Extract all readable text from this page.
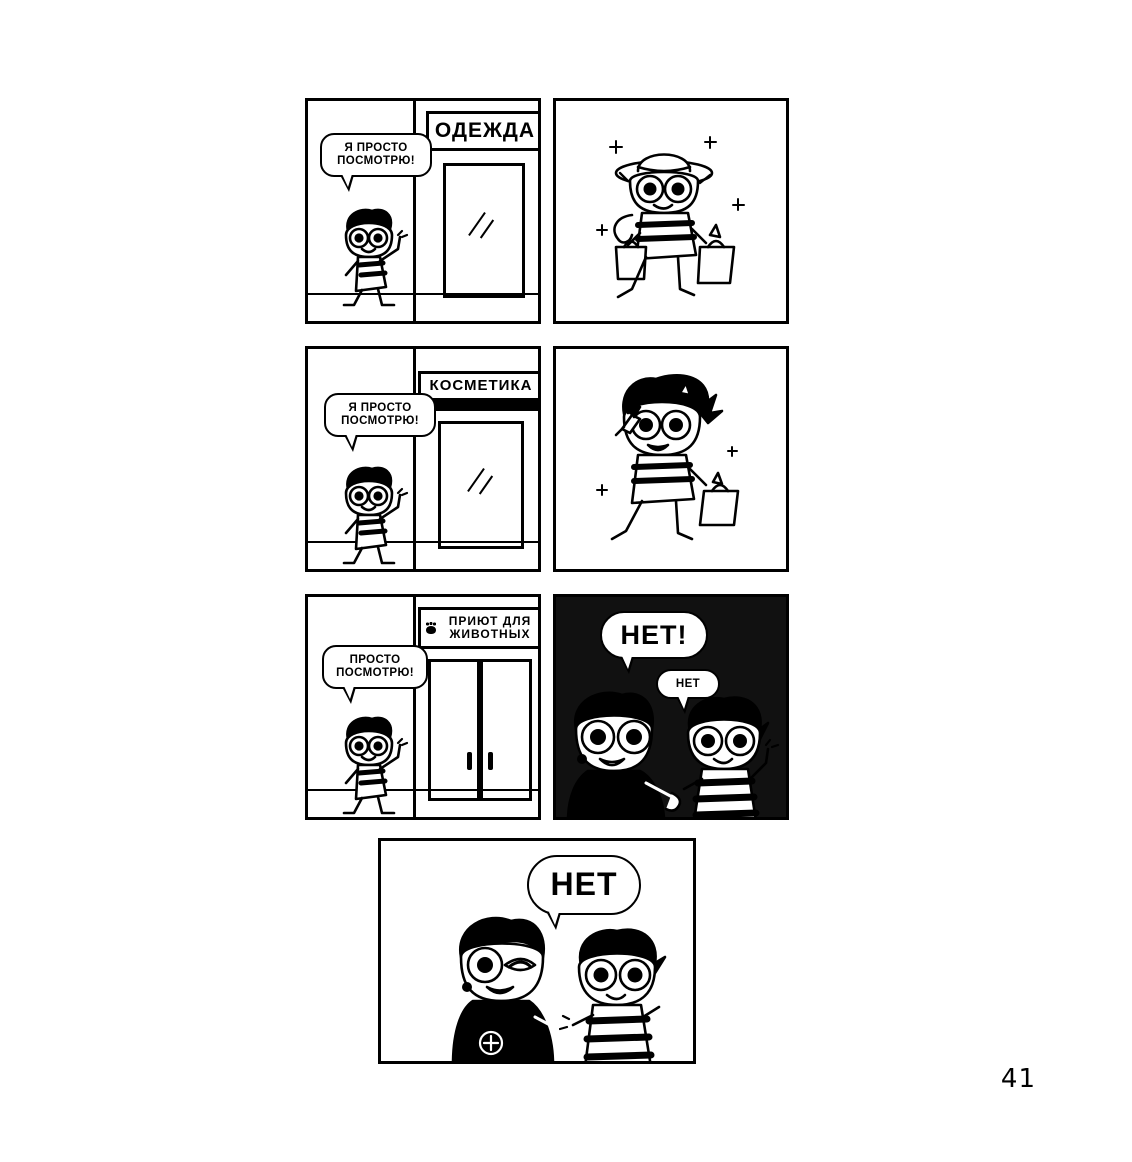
ОДЕЖДА
Я ПРОСТО ПОСМОТРЮ!
КОСМЕТИКА
Я ПРОСТО ПОСМОТРЮ!
ПРИЮТ ДЛЯ ЖИВОТНЫХ
ПРОСТО ПОСМОТРЮ!
НЕТ!
НЕТ
НЕТ
41
